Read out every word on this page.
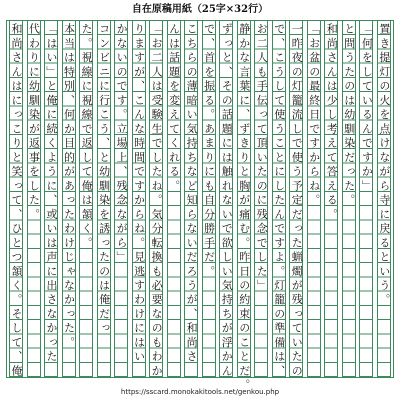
自在原稿用紙（25字×32行）
置き提灯の火を点けながら寺に戻るという。
「何をしているんですか」
と問うたのは幼馴染だった。
和尚さんは少し考えて答える。
「お盆の最終日ですからね。
一昨夜の灯籠流しで使う予定だった蝋燭が残っていたの
で、こうして使うことにしたんですよ。灯籠の準備は、
お二人も手伝って頂いたのに残念でした」
静かな言葉に、ずきりと胸が痛む。昨日の約束のことだ。
ずっと、その話題には触れないで欲しい気持ちが浮かん
で、首を振る。あまりにも自分勝手だ。
こちらの薄暗い気持ちなど知らないだろうが、和尚さ
んは話題を変えてくれる。
「お二人は受験生でしたね。気分転換も必要なのもわか
りますが、こんな時間ですからね。見逃すわけにはい
かないのです。立場上、残念ながら」
コンビニに行こう、と幼馴染を誘ったのは俺だっ
た。視線に視線で返して俺は頷く。
本当は特別、何か目的があったわけじゃなかった。
「はい」と俺に続くように、或いは声に出さなかった
代わりに幼馴染が返事をした。
和尚さんはにっこりと笑って、ひとつ頷く。そして、俺
https://sscard.monokakitools.net/genkou.php
